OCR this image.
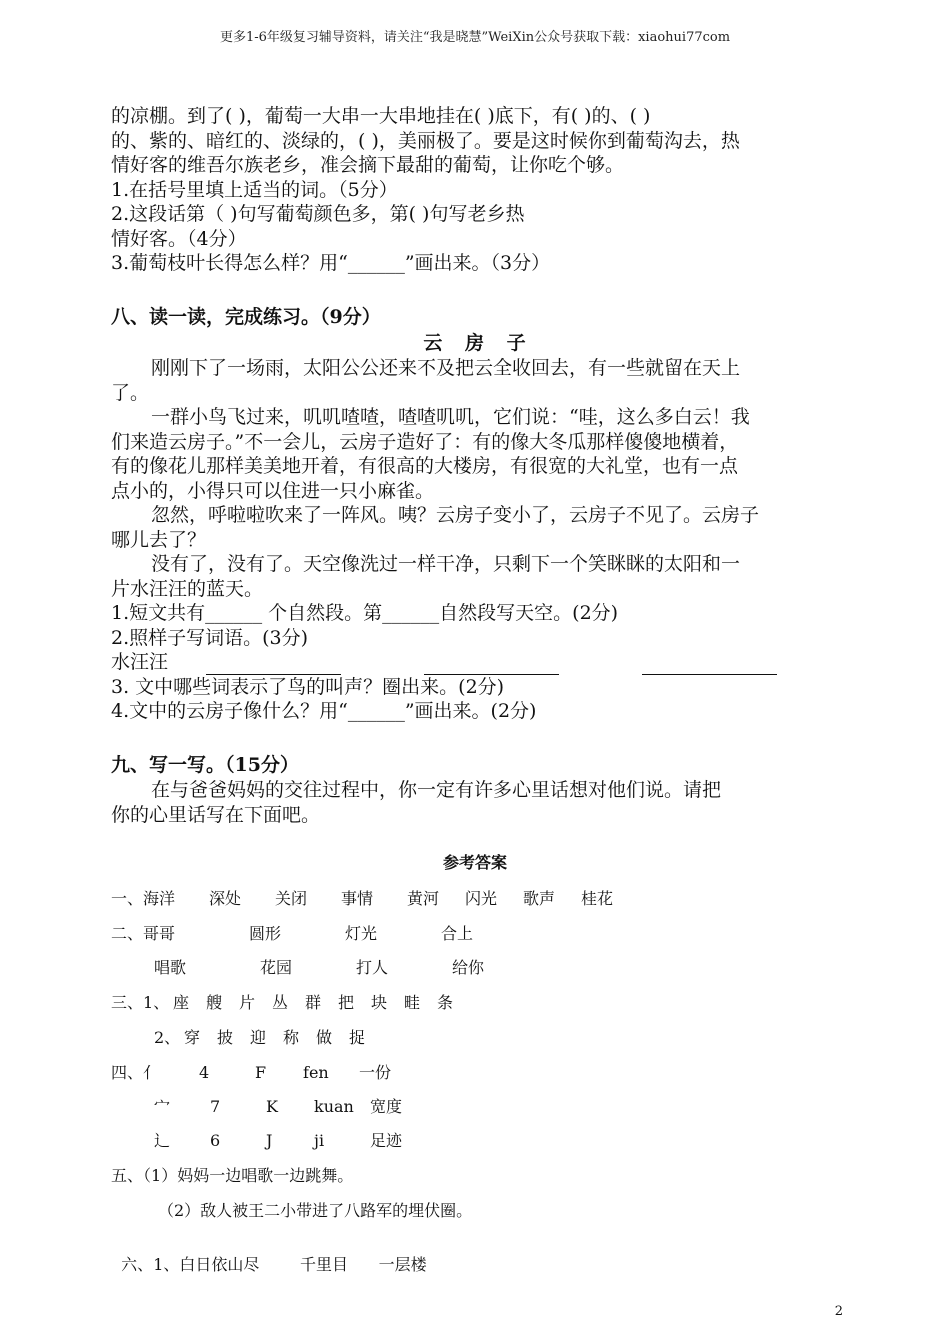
更多1-6年级复习辅导资料，请关注“我是晓慧”WeiXin公众号获取下载：xiaohui77com
的凉棚。到了( )，葡萄一大串一大串地挂在( )底下，有( )的、( )
的、紫的、暗红的、淡绿的，( )，美丽极了。要是这时候你到葡萄沟去，热
情好客的维吾尔族老乡，准会摘下最甜的葡萄，让你吃个够。
1.在括号里填上适当的词。（5分）
2.这段话第（ )句写葡萄颜色多，第( )句写老乡热
情好客。（4分）
3.葡萄枝叶长得怎么样？用“______”画出来。（3分）
八、读一读，完成练习。（9分）
云 房 子
刚刚下了一场雨，太阳公公还来不及把云全收回去，有一些就留在天上
了。
一群小鸟飞过来，叽叽喳喳，喳喳叽叽，它们说：“哇，这么多白云！我
们来造云房子。”不一会儿，云房子造好了：有的像大冬瓜那样傻傻地横着，
有的像花儿那样美美地开着，有很高的大楼房，有很宽的大礼堂，也有一点
点小的，小得只可以住进一只小麻雀。
忽然，呼啦啦吹来了一阵风。咦？云房子变小了，云房子不见了。云房子
哪儿去了？
没有了，没有了。天空像洗过一样干净，只剩下一个笑眯眯的太阳和一
片水汪汪的蓝天。
1.短文共有______ 个自然段。第______自然段写天空。(2分)
2.照样子写词语。(3分)
水汪汪
3. 文中哪些词表示了鸟的叫声？圈出来。(2分)
4.文中的云房子像什么？用“______”画出来。(2分)
九、写一写。（15分）
在与爸爸妈妈的交往过程中，你一定有许多心里话想对他们说。请把
你的心里话写在下面吧。
参考答案
一、海洋 深处 关闭 事情 黄河 闪光 歌声 桂花
二、哥哥	圆形	灯光	合上
唱歌	花园	打人	给你
三、1、 座 艘 片 丛 群 把 块 畦 条
2、 穿 披 迎 称 做 捉
四、亻 4	F fen 一份
宀 7	K kuan 宽度
辶 6	J	ji	足迹
五、（1）妈妈一边唱歌一边跳舞。
（2）敌人被王二小带进了八路军的埋伏圈。

六、1、白日依山尽        千里目      一层楼

2
